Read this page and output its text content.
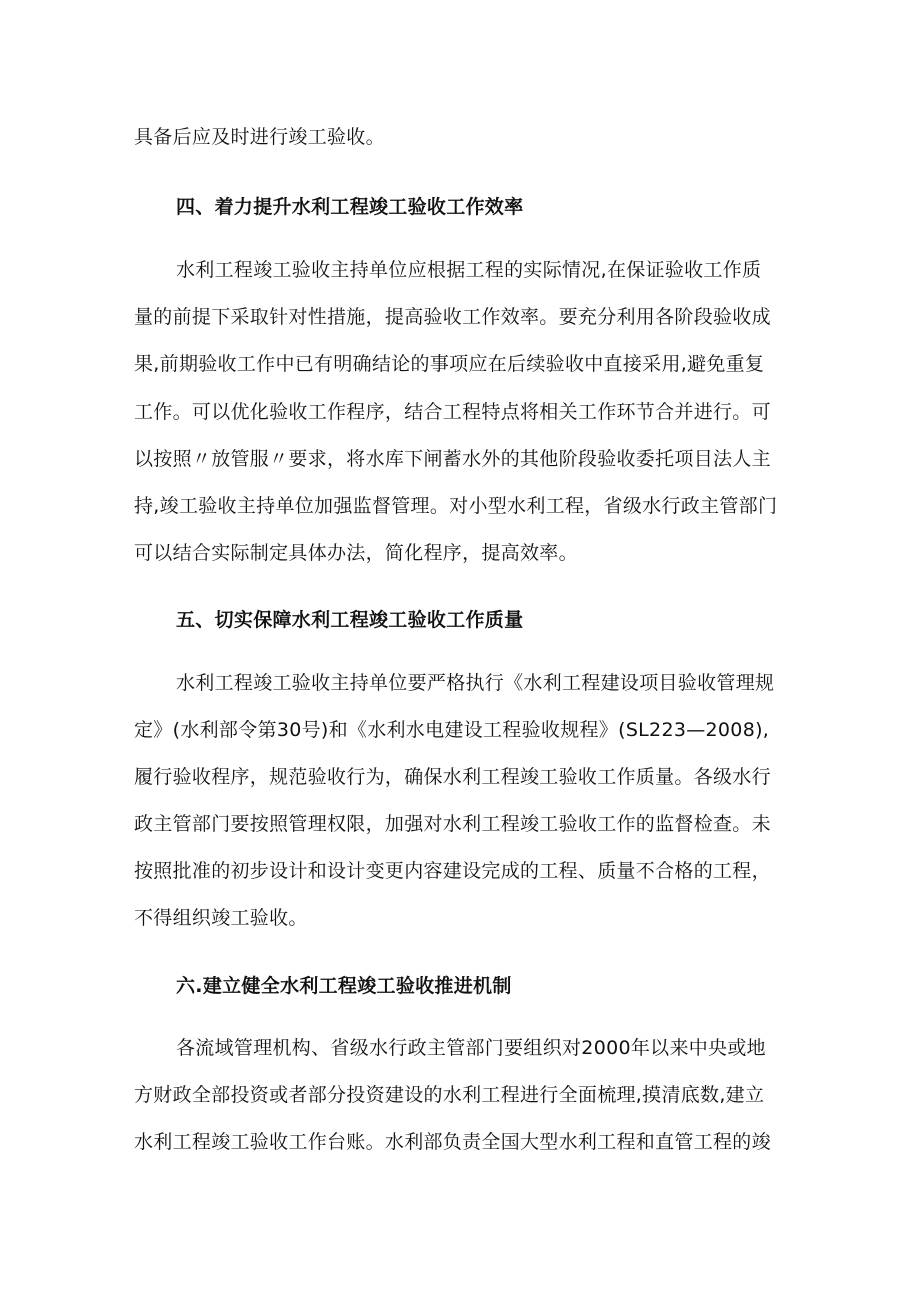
具备后应及时进行竣工验收。

四、着力提升水利工程竣工验收工作效率

水利工程竣工验收主持单位应根据工程的实际情况,在保证验收工作质

量的前提下采取针对性措施，提高验收工作效率。要充分利用各阶段验收成

果,前期验收工作中已有明确结论的事项应在后续验收中直接采用,避免重复

工作。可以优化验收工作程序，结合工程特点将相关工作环节合并进行。可

以按照〃放管服〃要求，将水库下闸蓄水外的其他阶段验收委托项目法人主

持,竣工验收主持单位加强监督管理。对小型水利工程，省级水行政主管部门

可以结合实际制定具体办法，简化程序，提高效率。

五、切实保障水利工程竣工验收工作质量

水利工程竣工验收主持单位要严格执行《水利工程建设项目验收管理规

定》(水利部令第30号)和《水利水电建设工程验收规程》(SL223—2008),

履行验收程序，规范验收行为，确保水利工程竣工验收工作质量。各级水行

政主管部门要按照管理权限，加强对水利工程竣工验收工作的监督检查。未

按照批准的初步设计和设计变更内容建设完成的工程、质量不合格的工程，

不得组织竣工验收。

六.建立健全水利工程竣工验收推进机制

各流域管理机构、省级水行政主管部门要组织对2000年以来中央或地

方财政全部投资或者部分投资建设的水利工程进行全面梳理,摸清底数,建立

水利工程竣工验收工作台账。水利部负责全国大型水利工程和直管工程的竣
